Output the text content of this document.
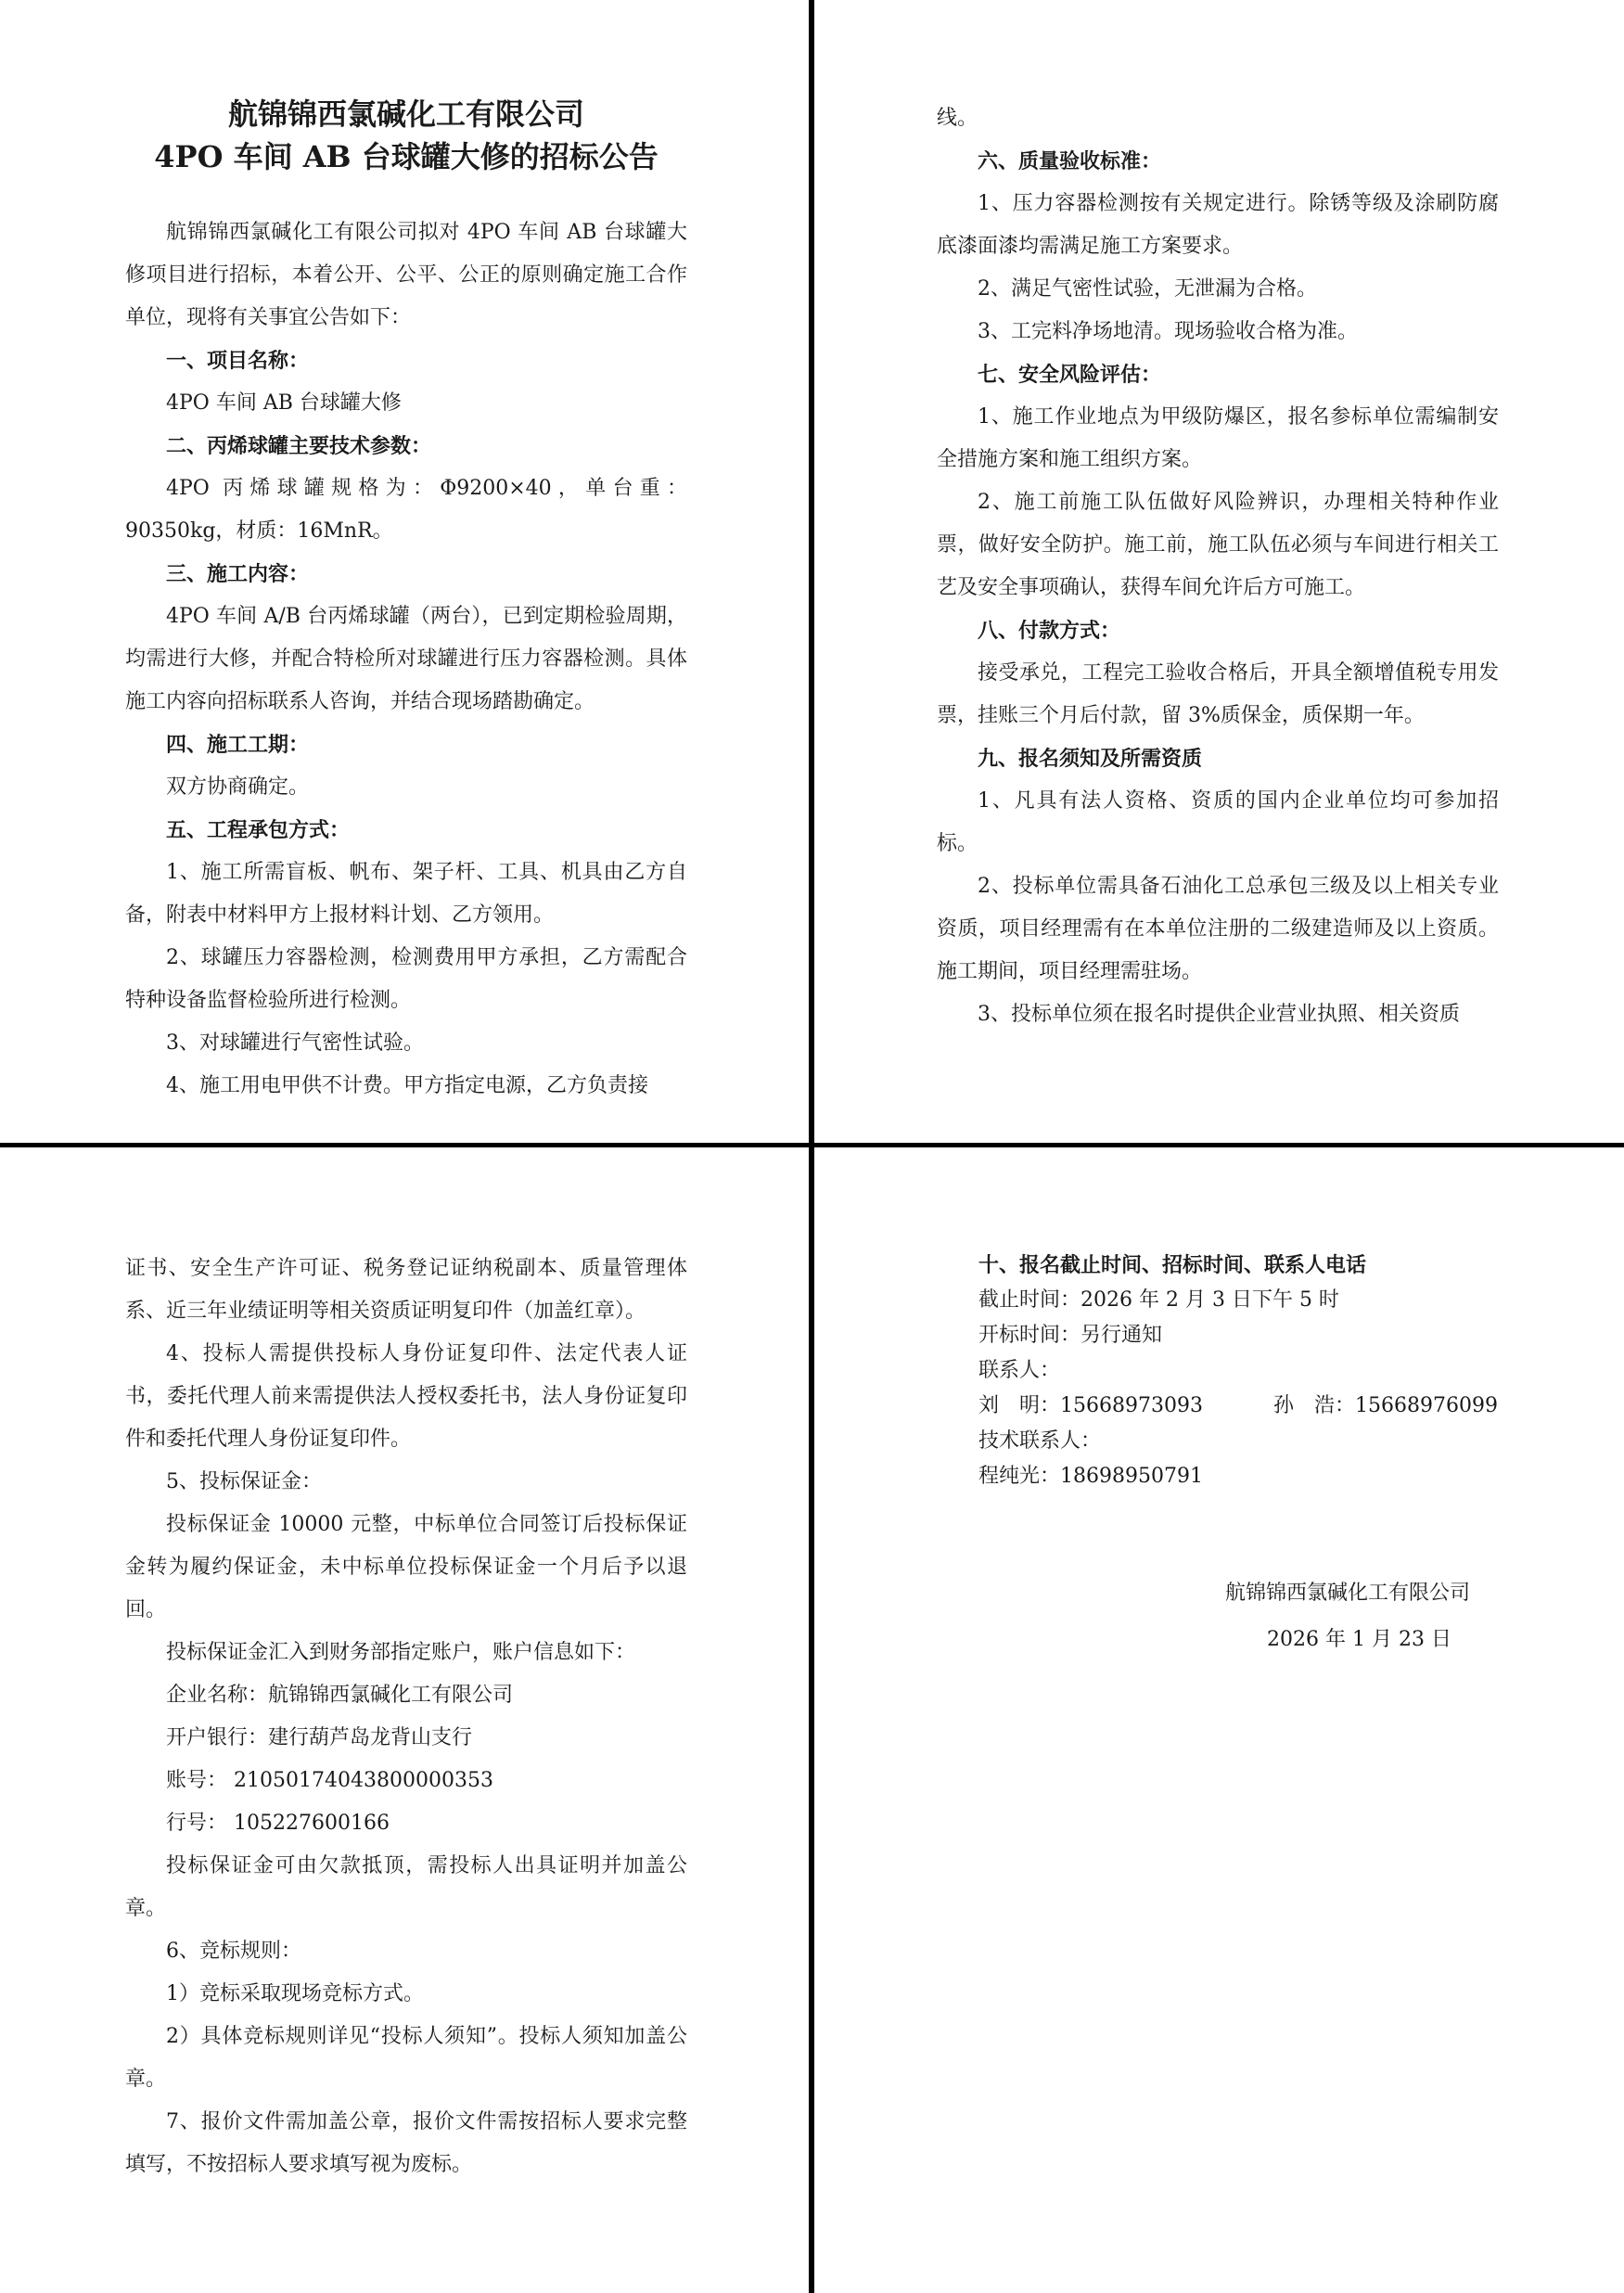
航锦锦西氯碱化工有限公司
4PO 车间 AB 台球罐大修的招标公告

航锦锦西氯碱化工有限公司拟对 4PO 车间 AB 台球罐大修项目进行招标，本着公开、公平、公正的原则确定施工合作单位，现将有关事宜公告如下：

一、项目名称：

4PO 车间 AB 台球罐大修

二、丙烯球罐主要技术参数：

4PO 丙烯球罐规格为：Φ9200×40，单台重：90350kg，材质：16MnR。

三、施工内容：

4PO 车间 A/B 台丙烯球罐（两台），已到定期检验周期，均需进行大修，并配合特检所对球罐进行压力容器检测。具体施工内容向招标联系人咨询，并结合现场踏勘确定。

四、施工工期：

双方协商确定。

五、工程承包方式：

1、施工所需盲板、帆布、架子杆、工具、机具由乙方自备，附表中材料甲方上报材料计划、乙方领用。

2、球罐压力容器检测，检测费用甲方承担，乙方需配合特种设备监督检验所进行检测。

3、对球罐进行气密性试验。

4、施工用电甲供不计费。甲方指定电源，乙方负责接

线。

六、质量验收标准：

1、压力容器检测按有关规定进行。除锈等级及涂刷防腐底漆面漆均需满足施工方案要求。

2、满足气密性试验，无泄漏为合格。

3、工完料净场地清。现场验收合格为准。

七、安全风险评估：

1、施工作业地点为甲级防爆区，报名参标单位需编制安全措施方案和施工组织方案。

2、施工前施工队伍做好风险辨识，办理相关特种作业票，做好安全防护。施工前，施工队伍必须与车间进行相关工艺及安全事项确认，获得车间允许后方可施工。

八、付款方式：

接受承兑，工程完工验收合格后，开具全额增值税专用发票，挂账三个月后付款，留 3%质保金，质保期一年。

九、报名须知及所需资质

1、凡具有法人资格、资质的国内企业单位均可参加招标。

2、投标单位需具备石油化工总承包三级及以上相关专业资质，项目经理需有在本单位注册的二级建造师及以上资质。施工期间，项目经理需驻场。

3、投标单位须在报名时提供企业营业执照、相关资质

证书、安全生产许可证、税务登记证纳税副本、质量管理体系、近三年业绩证明等相关资质证明复印件（加盖红章）。

4、投标人需提供投标人身份证复印件、法定代表人证书，委托代理人前来需提供法人授权委托书，法人身份证复印件和委托代理人身份证复印件。

5、投标保证金：

投标保证金 10000 元整，中标单位合同签订后投标保证金转为履约保证金，未中标单位投标保证金一个月后予以退回。

投标保证金汇入到财务部指定账户，账户信息如下：

企业名称：航锦锦西氯碱化工有限公司

开户银行：建行葫芦岛龙背山支行

账号： 21050174043800000353

行号： 105227600166

投标保证金可由欠款抵顶，需投标人出具证明并加盖公章。

6、竞标规则：

1）竞标采取现场竞标方式。

2）具体竞标规则详见“投标人须知”。投标人须知加盖公章。

7、报价文件需加盖公章，报价文件需按招标人要求完整填写，不按招标人要求填写视为废标。

十、报名截止时间、招标时间、联系人电话

截止时间：2026 年 2 月 3 日下午 5 时

开标时间：另行通知

联系人：

刘　明：15668973093	孙　浩：15668976099

技术联系人：

程纯光：18698950791

航锦锦西氯碱化工有限公司
2026 年 1 月 23 日
